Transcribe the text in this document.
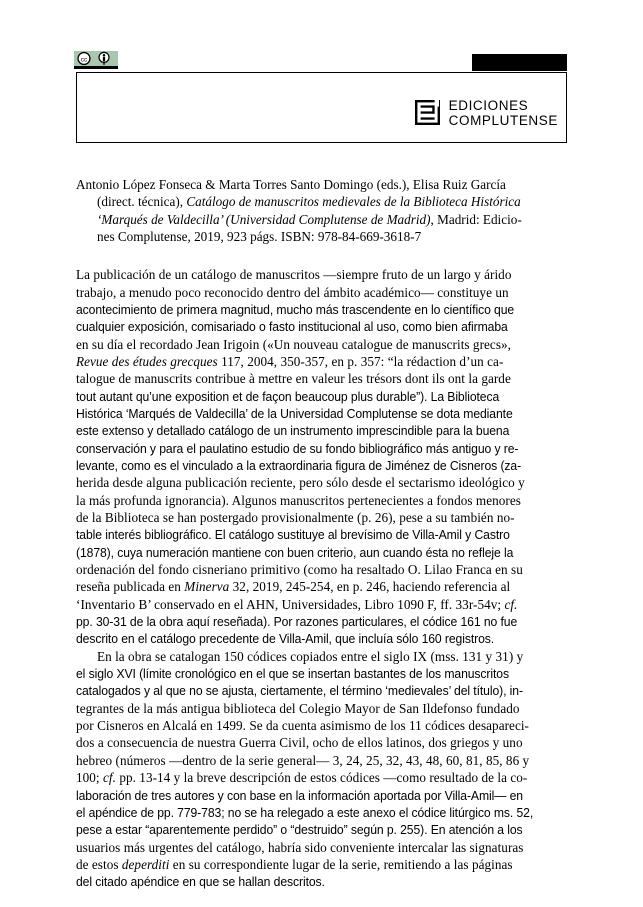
cc
EDICIONES
COMPLUTENSE
Antonio López Fonseca & Marta Torres Santo Domingo (eds.), Elisa Ruiz García
(direct. técnica), Catálogo de manuscritos medievales de la Biblioteca Histórica
‘Marqués de Valdecilla’ (Universidad Complutense de Madrid), Madrid: Edicio-
nes Complutense, 2019, 923 págs. ISBN: 978-84-669-3618-7
La publicación de un catálogo de manuscritos —siempre fruto de un largo y árido
trabajo, a menudo poco reconocido dentro del ámbito académico— constituye un
acontecimiento de primera magnitud, mucho más trascendente en lo científico que
cualquier exposición, comisariado o fasto institucional al uso, como bien afirmaba
en su día el recordado Jean Irigoin («Un nouveau catalogue de manuscrits grecs»,
Revue des études grecques 117, 2004, 350-357, en p. 357: “la rédaction d’un ca-
talogue de manuscrits contribue à mettre en valeur les trésors dont ils ont la garde
tout autant qu’une exposition et de façon beaucoup plus durable”). La Biblioteca
Histórica ‘Marqués de Valdecilla’ de la Universidad Complutense se dota mediante
este extenso y detallado catálogo de un instrumento imprescindible para la buena
conservación y para el paulatino estudio de su fondo bibliográfico más antiguo y re-
levante, como es el vinculado a la extraordinaria figura de Jiménez de Cisneros (za-
herida desde alguna publicación reciente, pero sólo desde el sectarismo ideológico y
la más profunda ignorancia). Algunos manuscritos pertenecientes a fondos menores
de la Biblioteca se han postergado provisionalmente (p. 26), pese a su también no-
table interés bibliográfico. El catálogo sustituye al brevísimo de Villa-Amil y Castro
(1878), cuya numeración mantiene con buen criterio, aun cuando ésta no refleje la
ordenación del fondo cisneriano primitivo (como ha resaltado O. Lilao Franca en su
reseña publicada en Minerva 32, 2019, 245-254, en p. 246, haciendo referencia al
‘Inventario B’ conservado en el AHN, Universidades, Libro 1090 F, ff. 33r-54v; cf.
pp. 30-31 de la obra aquí reseñada). Por razones particulares, el códice 161 no fue
descrito en el catálogo precedente de Villa-Amil, que incluía sólo 160 registros.
En la obra se catalogan 150 códices copiados entre el siglo IX (mss. 131 y 31) y
el siglo XVI (límite cronológico en el que se insertan bastantes de los manuscritos
catalogados y al que no se ajusta, ciertamente, el término ‘medievales’ del título), in-
tegrantes de la más antigua biblioteca del Colegio Mayor de San Ildefonso fundado
por Cisneros en Alcalá en 1499. Se da cuenta asimismo de los 11 códices desapareci-
dos a consecuencia de nuestra Guerra Civil, ocho de ellos latinos, dos griegos y uno
hebreo (números —dentro de la serie general— 3, 24, 25, 32, 43, 48, 60, 81, 85, 86 y
100; cf. pp. 13-14 y la breve descripción de estos códices —como resultado de la co-
laboración de tres autores y con base en la información aportada por Villa-Amil— en
el apéndice de pp. 779-783; no se ha relegado a este anexo el códice litúrgico ms. 52,
pese a estar “aparentemente perdido” o “destruido” según p. 255). En atención a los
usuarios más urgentes del catálogo, habría sido conveniente intercalar las signaturas
de estos deperditi en su correspondiente lugar de la serie, remitiendo a las páginas
del citado apéndice en que se hallan descritos.
